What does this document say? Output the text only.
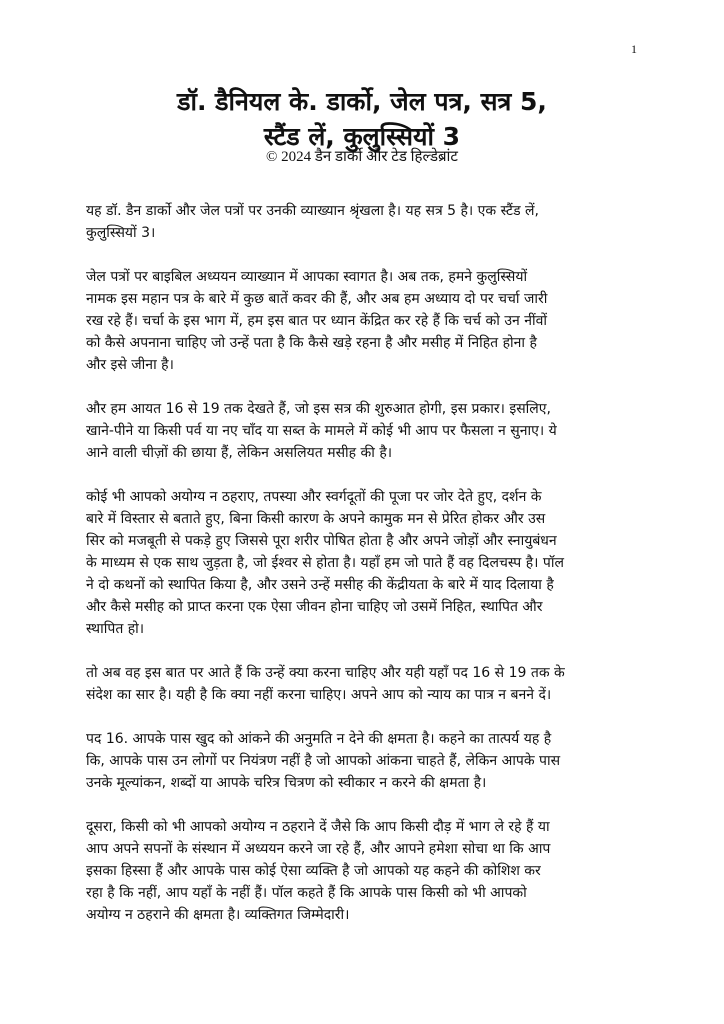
1
डॉ. डैनियल के. डार्को, जेल पत्र, सत्र 5,
स्टैंड लें, कुलुस्सियों 3
© 2024 डैन डार्को और टेड हिल्डेब्रांट

यह डॉ. डैन डार्को और जेल पत्रों पर उनकी व्याख्यान श्रृंखला है। यह सत्र 5 है। एक स्टैंड लें,
कुलुस्सियों 3।

जेल पत्रों पर बाइबिल अध्ययन व्याख्यान में आपका स्वागत है। अब तक, हमने कुलुस्सियों
नामक इस महान पत्र के बारे में कुछ बातें कवर की हैं, और अब हम अध्याय दो पर चर्चा जारी
रख रहे हैं। चर्चा के इस भाग में, हम इस बात पर ध्यान केंद्रित कर रहे हैं कि चर्च को उन नींवों
को कैसे अपनाना चाहिए जो उन्हें पता है कि कैसे खड़े रहना है और मसीह में निहित होना है
और इसे जीना है।

और हम आयत 16 से 19 तक देखते हैं, जो इस सत्र की शुरुआत होगी, इस प्रकार। इसलिए,
खाने-पीने या किसी पर्व या नए चाँद या सब्त के मामले में कोई भी आप पर फैसला न सुनाए। ये
आने वाली चीज़ों की छाया हैं, लेकिन असलियत मसीह की है।

कोई भी आपको अयोग्य न ठहराए, तपस्या और स्वर्गदूतों की पूजा पर जोर देते हुए, दर्शन के
बारे में विस्तार से बताते हुए, बिना किसी कारण के अपने कामुक मन से प्रेरित होकर और उस
सिर को मजबूती से पकड़े हुए जिससे पूरा शरीर पोषित होता है और अपने जोड़ों और स्नायुबंधन
के माध्यम से एक साथ जुड़ता है, जो ईश्वर से होता है। यहाँ हम जो पाते हैं वह दिलचस्प है। पॉल
ने दो कथनों को स्थापित किया है, और उसने उन्हें मसीह की केंद्रीयता के बारे में याद दिलाया है
और कैसे मसीह को प्राप्त करना एक ऐसा जीवन होना चाहिए जो उसमें निहित, स्थापित और
स्थापित हो।

तो अब वह इस बात पर आते हैं कि उन्हें क्या करना चाहिए और यही यहाँ पद 16 से 19 तक के
संदेश का सार है। यही है कि क्या नहीं करना चाहिए। अपने आप को न्याय का पात्र न बनने दें।

पद 16. आपके पास खुद को आंकने की अनुमति न देने की क्षमता है। कहने का तात्पर्य यह है
कि, आपके पास उन लोगों पर नियंत्रण नहीं है जो आपको आंकना चाहते हैं, लेकिन आपके पास
उनके मूल्यांकन, शब्दों या आपके चरित्र चित्रण को स्वीकार न करने की क्षमता है।

दूसरा, किसी को भी आपको अयोग्य न ठहराने दें जैसे कि आप किसी दौड़ में भाग ले रहे हैं या
आप अपने सपनों के संस्थान में अध्ययन करने जा रहे हैं, और आपने हमेशा सोचा था कि आप
इसका हिस्सा हैं और आपके पास कोई ऐसा व्यक्ति है जो आपको यह कहने की कोशिश कर
रहा है कि नहीं, आप यहाँ के नहीं हैं। पॉल कहते हैं कि आपके पास किसी को भी आपको
अयोग्य न ठहराने की क्षमता है। व्यक्तिगत जिम्मेदारी।
